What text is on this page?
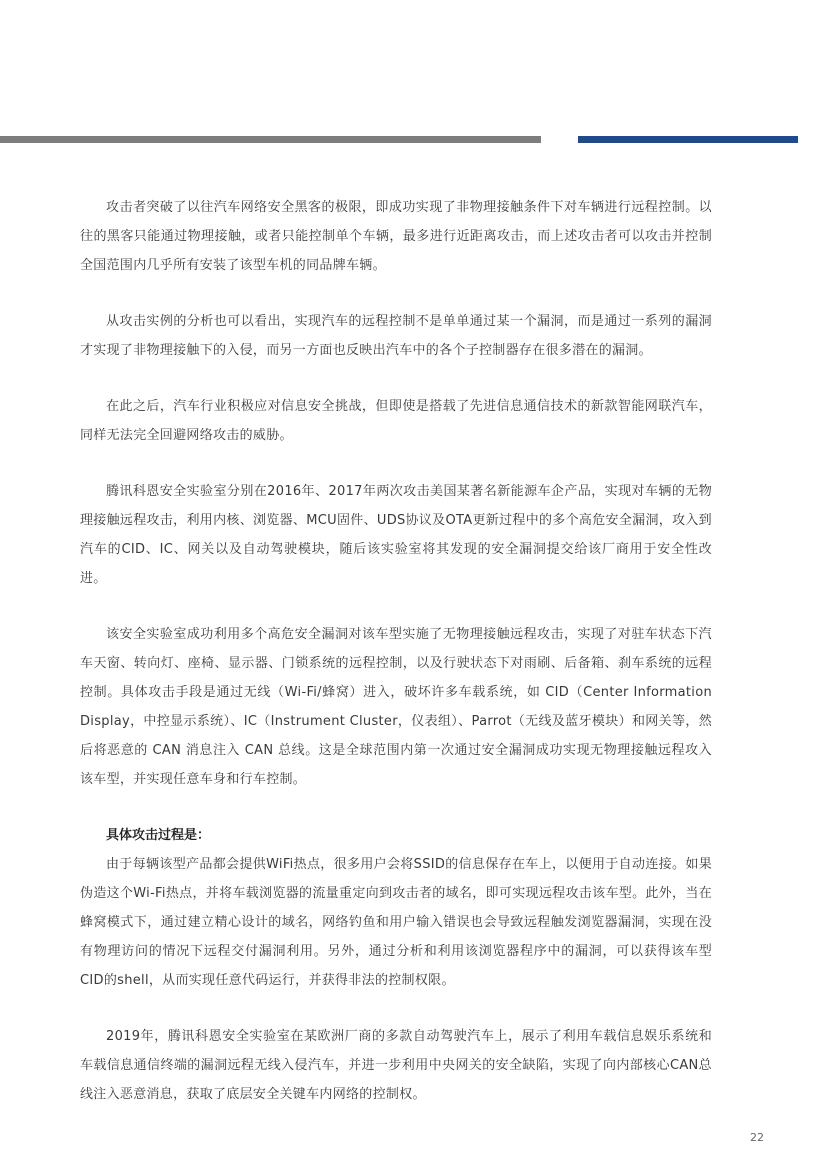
攻击者突破了以往汽车网络安全黑客的极限，即成功实现了非物理接触条件下对车辆进行远程控制。以往的黑客只能通过物理接触，或者只能控制单个车辆，最多进行近距离攻击，而上述攻击者可以攻击并控制全国范围内几乎所有安装了该型车机的同品牌车辆。

从攻击实例的分析也可以看出，实现汽车的远程控制不是单单通过某一个漏洞，而是通过一系列的漏洞才实现了非物理接触下的入侵，而另一方面也反映出汽车中的各个子控制器存在很多潜在的漏洞。

在此之后，汽车行业积极应对信息安全挑战，但即使是搭载了先进信息通信技术的新款智能网联汽车，同样无法完全回避网络攻击的威胁。

腾讯科恩安全实验室分别在2016年、2017年两次攻击美国某著名新能源车企产品，实现对车辆的无物理接触远程攻击，利用内核、浏览器、MCU固件、UDS协议及OTA更新过程中的多个高危安全漏洞，攻入到汽车的CID、IC、网关以及自动驾驶模块，随后该实验室将其发现的安全漏洞提交给该厂商用于安全性改进。

该安全实验室成功利用多个高危安全漏洞对该车型实施了无物理接触远程攻击，实现了对驻车状态下汽车天窗、转向灯、座椅、显示器、门锁系统的远程控制，以及行驶状态下对雨刷、后备箱、刹车系统的远程控制。具体攻击手段是通过无线（Wi-Fi/蜂窝）进入，破坏许多车载系统，如 CID（Center Information Display，中控显示系统）、IC（Instrument Cluster，仪表组）、Parrot（无线及蓝牙模块）和网关等，然后将恶意的 CAN 消息注入 CAN 总线。这是全球范围内第一次通过安全漏洞成功实现无物理接触远程攻入该车型，并实现任意车身和行车控制。

具体攻击过程是：

由于每辆该型产品都会提供WiFi热点，很多用户会将SSID的信息保存在车上，以便用于自动连接。如果伪造这个Wi-Fi热点，并将车载浏览器的流量重定向到攻击者的域名，即可实现远程攻击该车型。此外，当在蜂窝模式下，通过建立精心设计的域名，网络钓鱼和用户输入错误也会导致远程触发浏览器漏洞，实现在没有物理访问的情况下远程交付漏洞利用。另外，通过分析和利用该浏览器程序中的漏洞，可以获得该车型CID的shell，从而实现任意代码运行，并获得非法的控制权限。

2019年，腾讯科恩安全实验室在某欧洲厂商的多款自动驾驶汽车上，展示了利用车载信息娱乐系统和车载信息通信终端的漏洞远程无线入侵汽车，并进一步利用中央网关的安全缺陷，实现了向内部核心CAN总线注入恶意消息，获取了底层安全关键车内网络的控制权。

22
